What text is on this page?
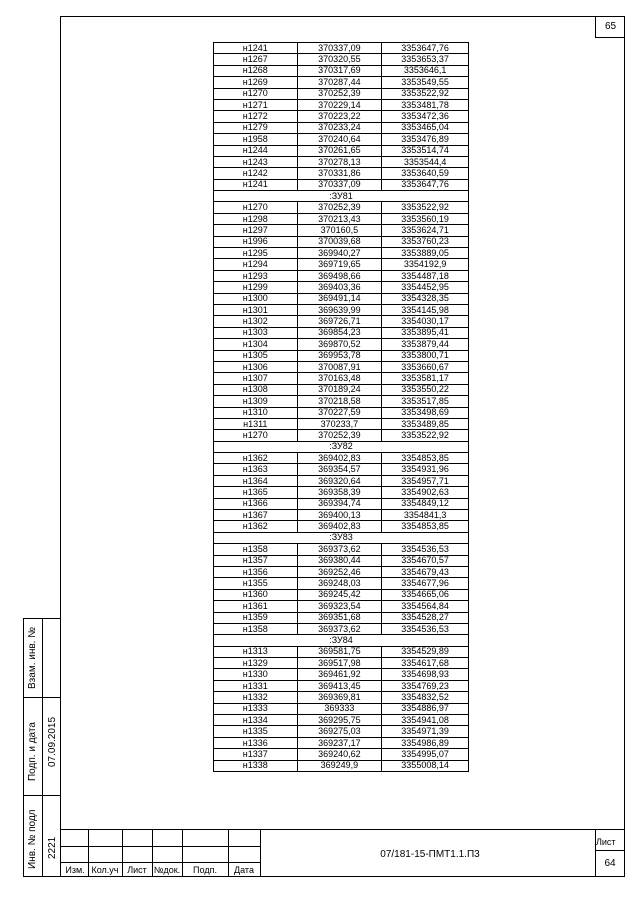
65
н1241	370337,09	3353647,76
н1267	370320,55	3353653,37
н1268	370317,69	3353646,1
н1269	370287,44	3353549,55
н1270	370252,39	3353522,92
н1271	370229,14	3353481,78
н1272	370223,22	3353472,36
н1279	370233,24	3353465,04
н1958	370240,64	3353476,89
н1244	370261,65	3353514,74
н1243	370278,13	3353544,4
н1242	370331,86	3353640,59
н1241	370337,09	3353647,76
:ЗУ81		
н1270	370252,39	3353522,92
н1298	370213,43	3353560,19
н1297	370160,5	3353624,71
н1996	370039,68	3353760,23
н1295	369940,27	3353889,05
н1294	369719,65	3354192,9
н1293	369498,66	3354487,18
н1299	369403,36	3354452,95
н1300	369491,14	3354328,35
н1301	369639,99	3354145,98
н1302	369726,71	3354030,17
н1303	369854,23	3353895,41
н1304	369870,52	3353879,44
н1305	369953,78	3353800,71
н1306	370087,91	3353660,67
н1307	370163,48	3353581,17
н1308	370189,24	3353550,22
н1309	370218,58	3353517,85
н1310	370227,59	3353498,69
н1311	370233,7	3353489,85
н1270	370252,39	3353522,92
:ЗУ82		
н1362	369402,83	3354853,85
н1363	369354,57	3354931,96
н1364	369320,64	3354957,71
н1365	369358,39	3354902,63
н1366	369394,74	3354849,12
н1367	369400,13	3354841,3
н1362	369402,83	3354853,85
:ЗУ83		
н1358	369373,62	3354536,53
н1357	369380,44	3354670,57
н1356	369252,46	3354679,43
н1355	369248,03	3354677,96
н1360	369245,42	3354665,06
н1361	369323,54	3354564,84
н1359	369351,68	3354528,27
н1358	369373,62	3354536,53
:ЗУ84		
н1313	369581,75	3354529,89
н1329	369517,98	3354617,68
н1330	369461,92	3354698,93
н1331	369413,45	3354769,23
н1332	369369,81	3354832,52
н1333	369333	3354886,97
н1334	369295,75	3354941,08
н1335	369275,03	3354971,39
н1336	369237,17	3354986,89
н1337	369240,62	3354995,07
н1338	369249,9	3355008,14
Взам. инв. №
Подп. и дата 07.09.2015
Инв. № подл 2221
Изм. Кол.уч Лист №док.	Подп.	Дата
07/181-15-ПМТ1.1.П3
Лист
64
